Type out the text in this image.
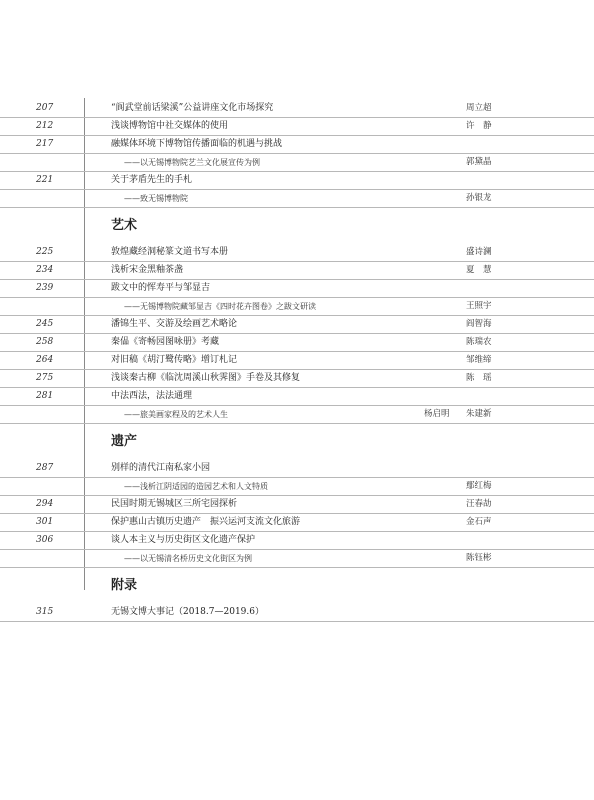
207	“阆武堂前话梁溪”公益讲座文化市场探究	周立超
212	浅谈博物馆中社交媒体的使用	许　静
217	融媒体环境下博物馆传播面临的机遇与挑战
——以无锡博物院艺兰文化展宣传为例	郭黛晶
221	关于茅盾先生的手札
——致无锡博物院	孙银龙
艺术
225	敦煌藏经洞秘篆文道书写本册	盛诗澜
234	浅析宋金黑釉茶盏	夏　慧
239	跋文中的恽寿平与邹显吉
——无锡博物院藏邹显吉《四时花卉图卷》之跋文研读	王照宇
245	潘锦生平、交游及绘画艺术略论	阎智海
258	秦偘《寄畅园图咏册》考藏	陈瑞农
264	对旧稿《胡汀鹭传略》增订札记	邹维缔
275	浅谈秦古柳《临沈周溪山秋霁图》手卷及其修复	陈　瑶
281	中法西法，法法通理
——旅美画家程及的艺术人生	杨启明 朱建新
遗产
287	别样的清代江南私家小园
——浅析江阴适园的造园艺术和人文特质	鄢红梅
294	民国时期无锡城区三所宅园探析	汪春劼
301	保护惠山古镇历史遗产　振兴运河支流文化旅游	金石声
306	谈人本主义与历史街区文化遗产保护
——以无锡清名桥历史文化街区为例	陈钰彬
附录
315	无锡文博大事记（2018.7—2019.6）
